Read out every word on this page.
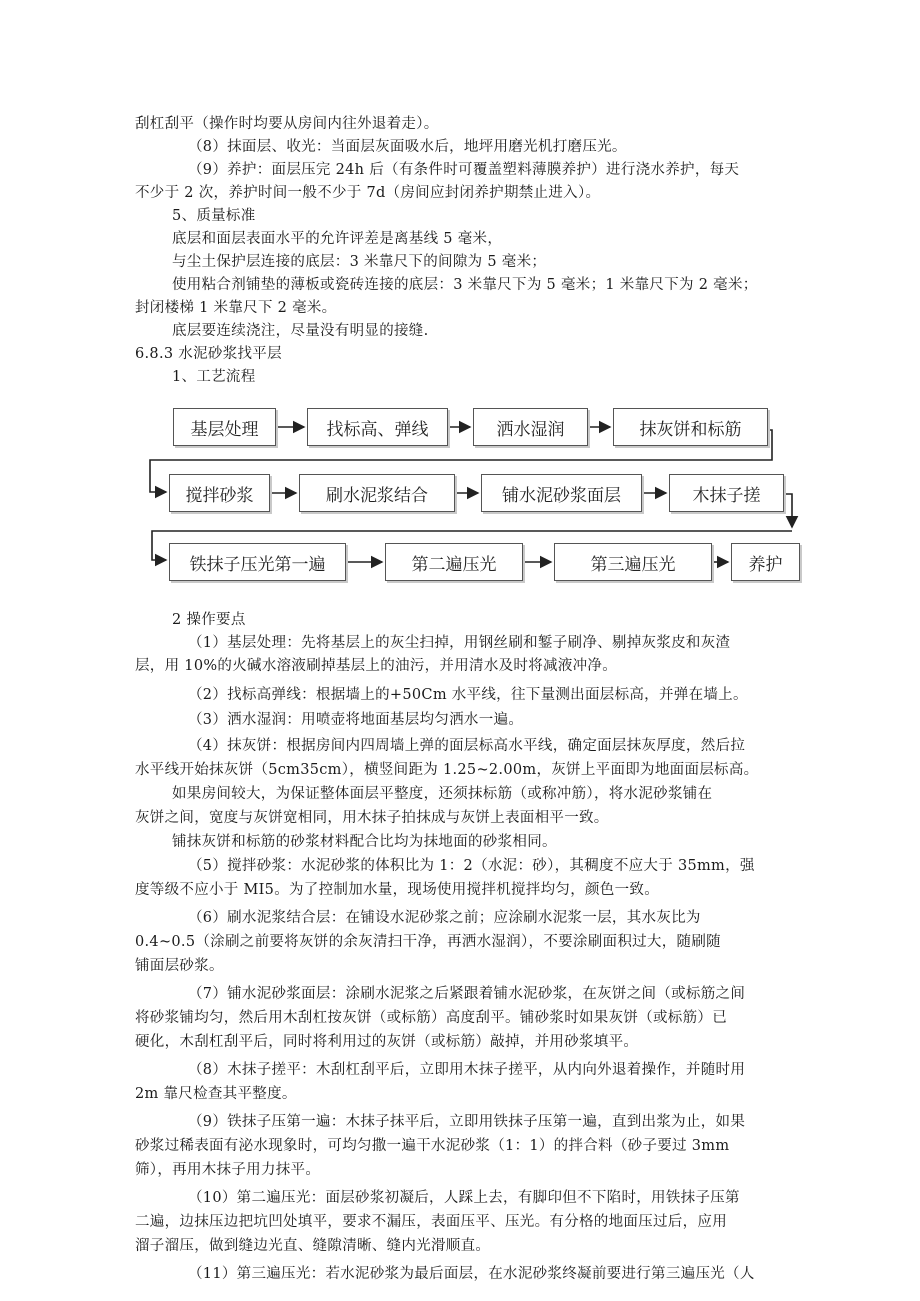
刮杠刮平（操作时均要从房间内往外退着走）。
（8）抹面层、收光：当面层灰面吸水后，地坪用磨光机打磨压光。
（9）养护：面层压完 24h 后（有条件时可覆盖塑料薄膜养护）进行浇水养护，每天
不少于 2 次，养护时间一般不少于 7d（房间应封闭养护期禁止进入）。
5、质量标准
底层和面层表面水平的允许评差是离基线 5 毫米，
与尘土保护层连接的底层：3 米靠尺下的间隙为 5 毫米；
使用粘合剂铺垫的薄板或瓷砖连接的底层：3 米靠尺下为 5 毫米；1 米靠尺下为 2 毫米；
封闭楼梯 1 米靠尺下 2 毫米。
底层要连续浇注，尽量没有明显的接缝.
6.8.3 水泥砂浆找平层
1、工艺流程
基层处理	找标高、弹线	洒水湿润	抹灰饼和标筋
搅拌砂浆	刷水泥浆结合	铺水泥砂浆面层	木抹子搓
铁抹子压光第一遍	第二遍压光	第三遍压光	养护
2 操作要点
（1）基层处理：先将基层上的灰尘扫掉，用钢丝刷和錾子刷净、剔掉灰浆皮和灰渣
层，用 10%的火碱水溶液刷掉基层上的油污，并用清水及时将减液冲净。
（2）找标高弹线：根据墙上的+50Cm 水平线，往下量测出面层标高，并弹在墙上。
（3）洒水湿润：用喷壶将地面基层均匀洒水一遍。
（4）抹灰饼：根据房间内四周墙上弹的面层标高水平线，确定面层抹灰厚度，然后拉
水平线开始抹灰饼（5cm35cm），横竖间距为 1.25~2.00m，灰饼上平面即为地面面层标高。
如果房间较大，为保证整体面层平整度，还须抹标筋（或称冲筋），将水泥砂浆铺在
灰饼之间，宽度与灰饼宽相同，用木抹子拍抹成与灰饼上表面相平一致。
铺抹灰饼和标筋的砂浆材料配合比均为抹地面的砂浆相同。
（5）搅拌砂浆：水泥砂浆的体积比为 1：2（水泥：砂），其稠度不应大于 35mm，强
度等级不应小于 MI5。为了控制加水量，现场使用搅拌机搅拌均匀，颜色一致。
（6）刷水泥浆结合层：在铺设水泥砂浆之前；应涂刷水泥浆一层，其水灰比为
0.4~0.5（涂刷之前要将灰饼的余灰清扫干净，再洒水湿润），不要涂刷面积过大，随刷随
铺面层砂浆。
（7）铺水泥砂浆面层：涂刷水泥浆之后紧跟着铺水泥砂浆，在灰饼之间（或标筋之间
将砂浆铺均匀，然后用木刮杠按灰饼（或标筋）高度刮平。铺砂浆时如果灰饼（或标筋）已
硬化，木刮杠刮平后，同时将利用过的灰饼（或标筋）敲掉，并用砂浆填平。
（8）木抹子搓平：木刮杠刮平后，立即用木抹子搓平，从内向外退着操作，并随时用
2m 靠尺检查其平整度。
（9）铁抹子压第一遍：木抹子抹平后，立即用铁抹子压第一遍，直到出浆为止，如果
砂浆过稀表面有泌水现象时，可均匀撒一遍干水泥砂浆（1：1）的拌合料（砂子要过 3mm
筛），再用木抹子用力抹平。
（10）第二遍压光：面层砂浆初凝后，人踩上去，有脚印但不下陷时，用铁抹子压第
二遍，边抹压边把坑凹处填平，要求不漏压，表面压平、压光。有分格的地面压过后，应用
溜子溜压，做到缝边光直、缝隙清晰、缝内光滑顺直。
（11）第三遍压光：若水泥砂浆为最后面层，在水泥砂浆终凝前要进行第三遍压光（人
